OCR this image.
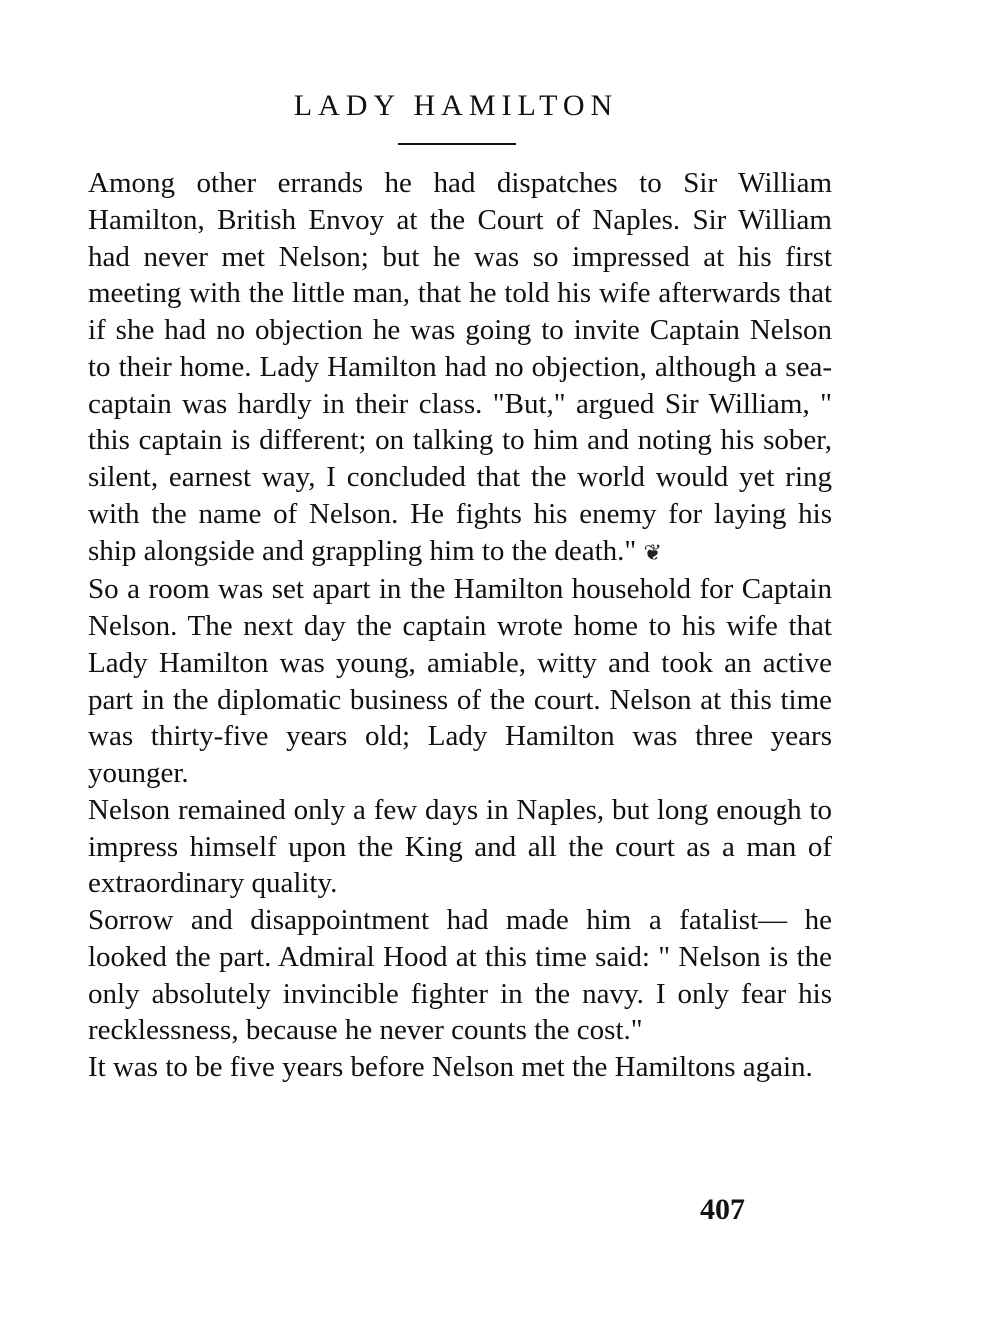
LADY HAMILTON

Among other errands he had dispatches to Sir William Hamilton, British Envoy at the Court of Naples. Sir William had never met Nelson; but he was so impressed at his first meeting with the little man, that he told his wife afterwards that if she had no objection he was going to invite Captain Nelson to their home. Lady Hamilton had no objection, although a sea-captain was hardly in their class. "But," argued Sir William, " this captain is different; on talking to him and noting his sober, silent, earnest way, I concluded that the world would yet ring with the name of Nelson. He fights his enemy for laying his ship alongside and grappling him to the death." ❦

So a room was set apart in the Hamilton household for Captain Nelson. The next day the captain wrote home to his wife that Lady Hamilton was young, amiable, witty and took an active part in the diplomatic business of the court. Nelson at this time was thirty-five years old; Lady Hamilton was three years younger.

Nelson remained only a few days in Naples, but long enough to impress himself upon the King and all the court as a man of extraordinary quality.

Sorrow and disappointment had made him a fatalist— he looked the part. Admiral Hood at this time said: " Nelson is the only absolutely invincible fighter in the navy. I only fear his recklessness, because he never counts the cost."

It was to be five years before Nelson met the Hamiltons again.

407
